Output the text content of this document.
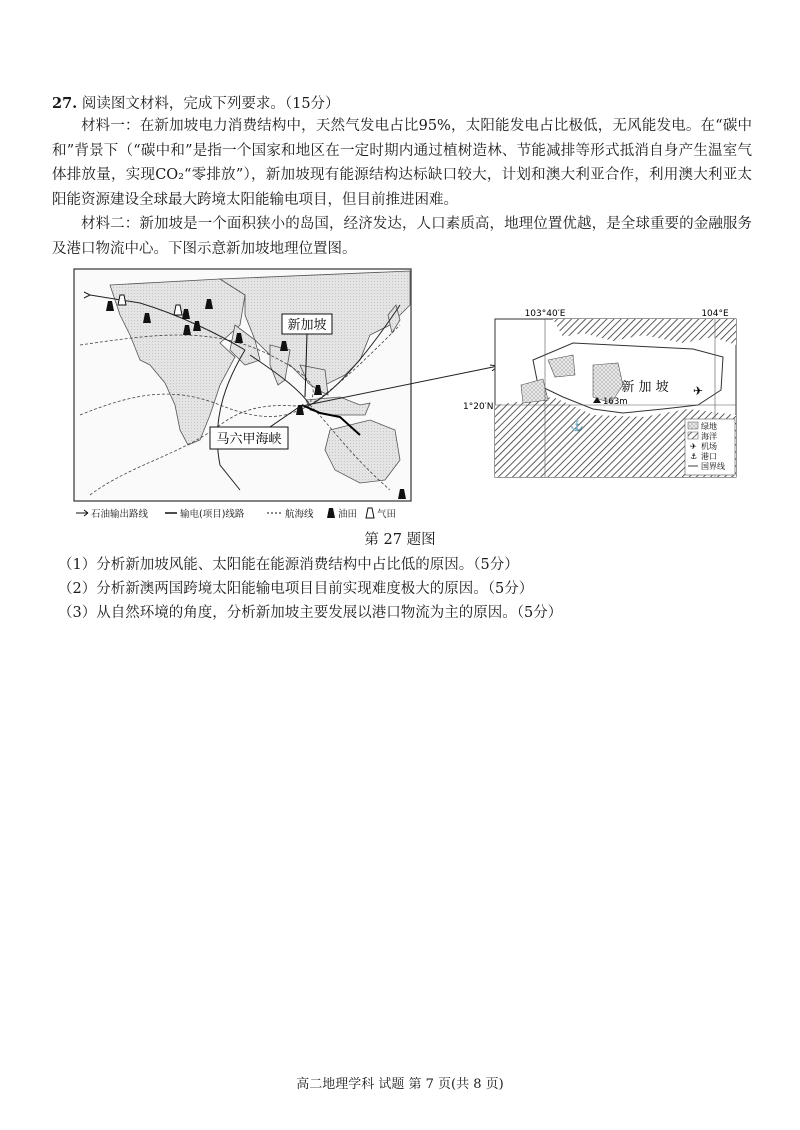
27. 阅读图文材料，完成下列要求。（15分）
材料一：在新加坡电力消费结构中，天然气发电占比95%，太阳能发电占比极低，无风能发电。在“碳中和”背景下（“碳中和”是指一个国家和地区在一定时期内通过植树造林、节能减排等形式抵消自身产生温室气体排放量，实现CO₂“零排放”），新加坡现有能源结构达标缺口较大，计划和澳大利亚合作，利用澳大利亚太阳能资源建设全球最大跨境太阳能输电项目，但目前推进困难。
材料二：新加坡是一个面积狭小的岛国，经济发达，人口素质高，地理位置优越，是全球重要的金融服务及港口物流中心。下图示意新加坡地理位置图。
新加坡
马六甲海峡
石油输出路线	输电(项目)线路	航海线	油田 气田
103°40′E	104°E
1°20′N
新 加 坡
163m
✈
⚓	绿地
海洋
✈ 机场
⚓ 港口
国界线
第 27 题图
（1）分析新加坡风能、太阳能在能源消费结构中占比低的原因。（5分）
（2）分析新澳两国跨境太阳能输电项目目前实现难度极大的原因。（5分）
（3）从自然环境的角度，分析新加坡主要发展以港口物流为主的原因。（5分）
高二地理学科 试题 第 7 页(共 8 页)
